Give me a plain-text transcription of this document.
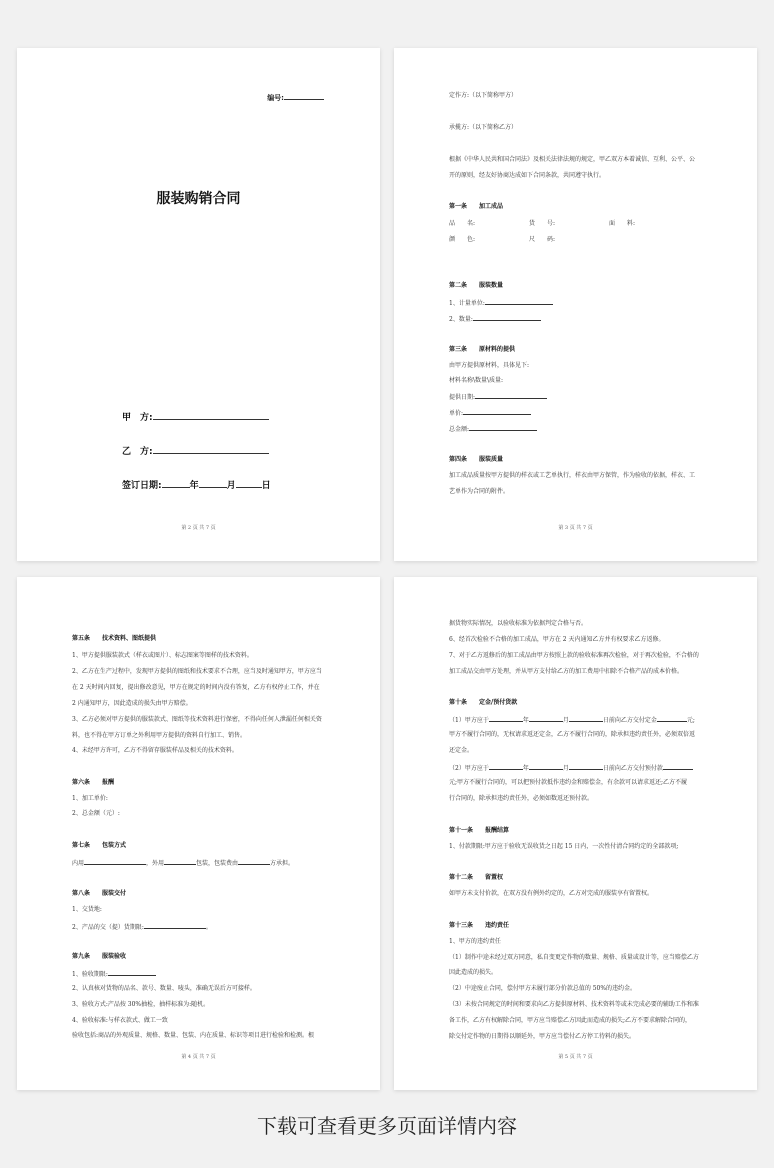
编号:
服装购销合同
甲　方:
乙　方:
签订日期:	年	月	日
第 2 页 共 7 页
定作方:（以下简称甲方）
承揽方:（以下简称乙方）
根据《中华人民共和国合同法》及相关法律法规的规定，甲乙双方本着诚信、互利、公平、公
开的原则，经友好协商达成如下合同条款，共同遵守执行。
第一条　　加工成品
品　　名:　　　　　　　　　货　　号:　　　　　　　　　面　　料:
颜　　色:　　　　　　　　　尺　　码:
第二条　　服装数量
1、计量单位:
2、数量:
第三条　　原材料的提供
由甲方提供原材料，具体见下:
材料名称\数量\质量:
提供日期:
单价:
总金额:
第四条　　服装质量
加工成品质量按甲方提供的样衣或工艺单执行，样衣由甲方保管，作为验收的依据，样衣、工
艺单作为合同的附件。
第 3 页 共 7 页
第五条　　技术资料、图纸提供
1、甲方提供服装款式（样衣或图片）、标志图案等图样的技术资料。
2、乙方在生产过程中，发现甲方提供的图纸和技术要求不合理，应当及时通知甲方，甲方应当
在 2 天时间内回复，提出修改意见，甲方在规定的时间内没有答复，乙方有权停止工作，并在
2 内通知甲方，因此造成的损失由甲方赔偿。
3、乙方必须对甲方提供的服装款式、图纸等技术资料进行保密，不得向任何人泄漏任何相关资
料，也不得在甲方订单之外利用甲方提供的资料自行加工、销售。
4、未经甲方许可，乙方不得留存服装样品及相关的技术资料。
第六条　　报酬
1、加工单价:
2、总金额（元）:
第七条　　包装方式
内用	，外用	包装，包装费由	方承担。
第八条　　服装交付
1、交货地:
2、产品的交（提）货期限:	。
第九条　　服装验收
1、验收期限:
2、认真核对货物的品名、款号、数量、唛头，准确无误后方可接样。
3、验收方式:产品按 30%抽检，抽样标准为:随机。
4、验收标准:与样衣款式、做工一致
验收包括:商品的外观质量、规格、数量、包装、内在质量、标识等项目进行检验和检测。根
第 4 页 共 7 页
据货物实际情况，以验收标准为依据判定合格与否。
6、经首次检验不合格的加工成品，甲方在 2 天内通知乙方并有权要求乙方返修。
7、对于乙方返修后的加工成品由甲方按照上款的验收标准再次检验，对于再次检验，不合格的
加工成品交由甲方处理，并从甲方支付给乙方的加工费用中扣除不合格产品的成本价格。
第十条　　定金/预付货款
（1）甲方应于	年	月	日前向乙方交付定金	元;
甲方不履行合同的，无权请求返还定金，乙方不履行合同的，除承担违约责任外，必须双倍返
还定金。
（2）甲方应于	年	月	日前向乙方交付预付款
元;甲方不履行合同的，可以把预付款抵作违约金和赔偿金，有余款可以请求返还;乙方不履
行合同的，除承担违约责任外，必须如数返还预付款。
第十一条　　报酬结算
1、付款期限:甲方应于验收无误收货之日起 15 日内，一次性付清合同约定的全部款项;
第十二条　　留置权
如甲方未支付价款，在双方没有例外约定的，乙方对完成的服装享有留置权。
第十三条　　违约责任
1、甲方的违约责任
（1）制作中途未经过双方同意，私自变更定作物的数量、规格、质量或设计等，应当赔偿乙方
因此造成的损失。
（2）中途废止合同，偿付甲方未履行部分价款总值的 50%的违约金。
（3）未按合同规定的时间和要求向乙方提供原材料、技术资料等或未完成必要的辅助工作和准
备工作，乙方有权解除合同，甲方应当赔偿乙方因此而造成的损失;乙方不要求解除合同的，
除交付定作物的日期得以顺延外，甲方应当偿付乙方停工待料的损失。
第 5 页 共 7 页
下载可查看更多页面详情内容
